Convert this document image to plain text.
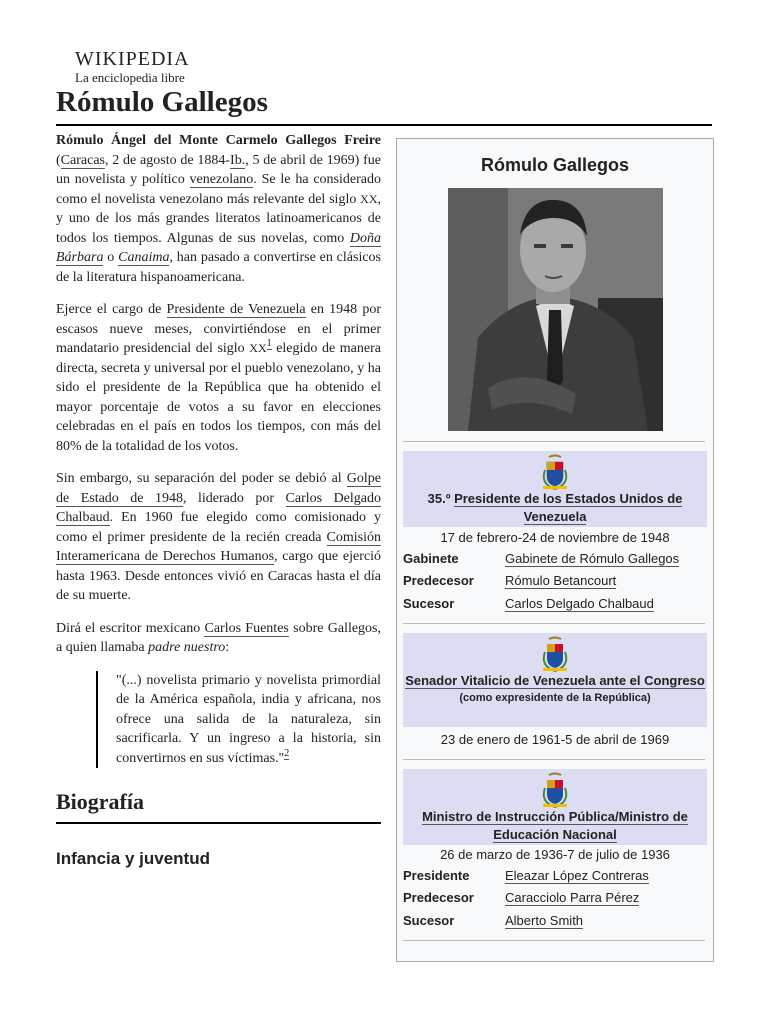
WIKIPEDIA
La enciclopedia libre
Rómulo Gallegos

Rómulo Ángel del Monte Carmelo Gallegos Freire (Caracas, 2 de agosto de 1884-Ib., 5 de abril de 1969) fue un novelista y político venezolano. Se le ha considerado como el novelista venezolano más relevante del siglo XX, y uno de los más grandes literatos latinoamericanos de todos los tiempos. Algunas de sus novelas, como Doña Bárbara o Canaima, han pasado a convertirse en clásicos de la literatura hispanoamericana.

Ejerce el cargo de Presidente de Venezuela en 1948 por escasos nueve meses, convirtiéndose en el primer mandatario presidencial del siglo $XX^1$ elegido de manera directa, secreta y universal por el pueblo venezolano, y ha sido el presidente de la República que ha obtenido el mayor porcentaje de votos a su favor en elecciones celebradas en el país en todos los tiempos, con más del 80% de la totalidad de los votos.

Sin embargo, su separación del poder se debió al Golpe de Estado de 1948, liderado por Carlos Delgado Chalbaud. En 1960 fue elegido como comisionado y como el primer presidente de la recién creada Comisión Interamericana de Derechos Humanos, cargo que ejerció hasta 1963. Desde entonces vivió en Caracas hasta el día de su muerte.

Dirá el escritor mexicano Carlos Fuentes sobre Gallegos, a quien llamaba padre nuestro:

"(...) novelista primario y novelista primordial de la América española, india y africana, nos ofrece una salida de la naturaleza, sin sacrificarla. Y un ingreso a la historia, sin convertirnos en sus víctimas."$^2$
Biografía
Infancia y juventud
Rómulo Gallegos
35.º Presidente de los Estados Unidos de Venezuela
17 de febrero-24 de noviembre de 1948
Gabinete	Gabinete de Rómulo Gallegos
Predecesor Rómulo Betancourt
Sucesor	Carlos Delgado Chalbaud
Senador Vitalicio de Venezuela ante el Congreso
(como expresidente de la República)
23 de enero de 1961-5 de abril de 1969
Ministro de Instrucción Pública/Ministro de Educación Nacional
26 de marzo de 1936-7 de julio de 1936
Presidente	Eleazar López Contreras
Predecesor Caracciolo Parra Pérez
Sucesor	Alberto Smith
